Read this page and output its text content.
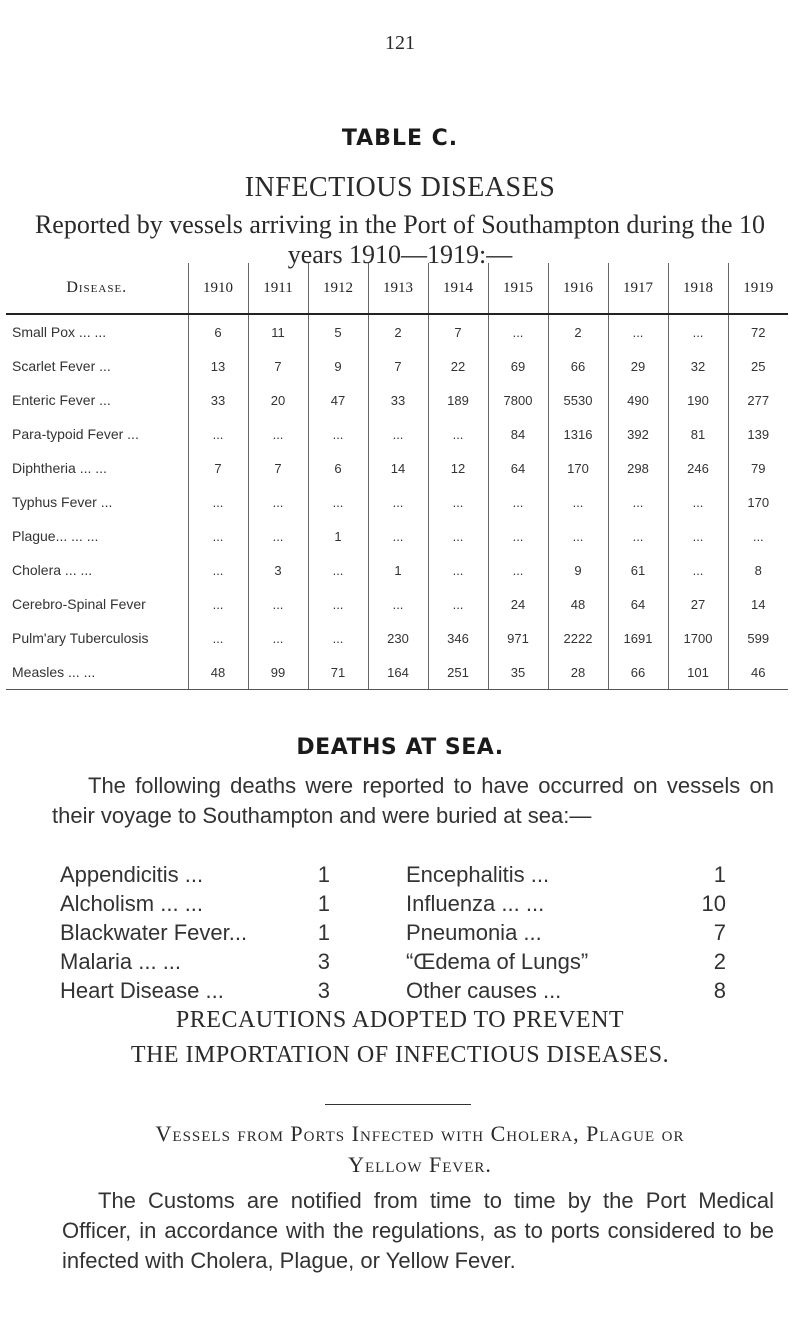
121
TABLE C.
INFECTIOUS DISEASES
Reported by vessels arriving in the Port of Southampton during the 10 years 1910—1919:—
Disease.	1910	1911	1912	1913	1914	1915	1916	1917	1918	1919
Small Pox ... ...	6	11	5	2	7	...	2	...	...	72
Scarlet Fever ...	13	7	9	7	22	69	66	29	32	25
Enteric Fever ...	33	20	47	33	189	7800	5530	490	190	277
Para-typoid Fever ...	...	...	...	...	...	84	1316	392	81	139
Diphtheria ... ...	7	7	6	14	12	64	170	298	246	79
Typhus Fever ...	...	...	...	...	...	...	...	...	...	170
Plague... ... ...	...	...	1	...	...	...	...	...	...	...
Cholera ... ...	...	3	...	1	...	...	9	61	...	8
Cerebro-Spinal Fever	...	...	...	...	...	24	48	64	27	14
Pulm'ary Tuberculosis	...	...	...	230	346	971	2222	1691	1700	599
Measles ... ...	48	99	71	164	251	35	28	66	101	46
DEATHS AT SEA.
The following deaths were reported to have occurred on vessels on their voyage to Southampton and were buried at sea:—
Appendicitis ...	1
Alcholism ... ...	1
Blackwater Fever...	1
Malaria ... ...	3
Heart Disease ...	3
Encephalitis ...	1
Influenza ... ...	10
Pneumonia ...	7
“Œdema of Lungs”	2
Other causes ...	8
PRECAUTIONS ADOPTED TO PREVENT
THE IMPORTATION OF INFECTIOUS DISEASES.
Vessels from Ports Infected with Cholera, Plague or
Yellow Fever.
The Customs are notified from time to time by the Port Medical Officer, in accordance with the regulations, as to ports considered to be infected with Cholera, Plague, or Yellow Fever.
